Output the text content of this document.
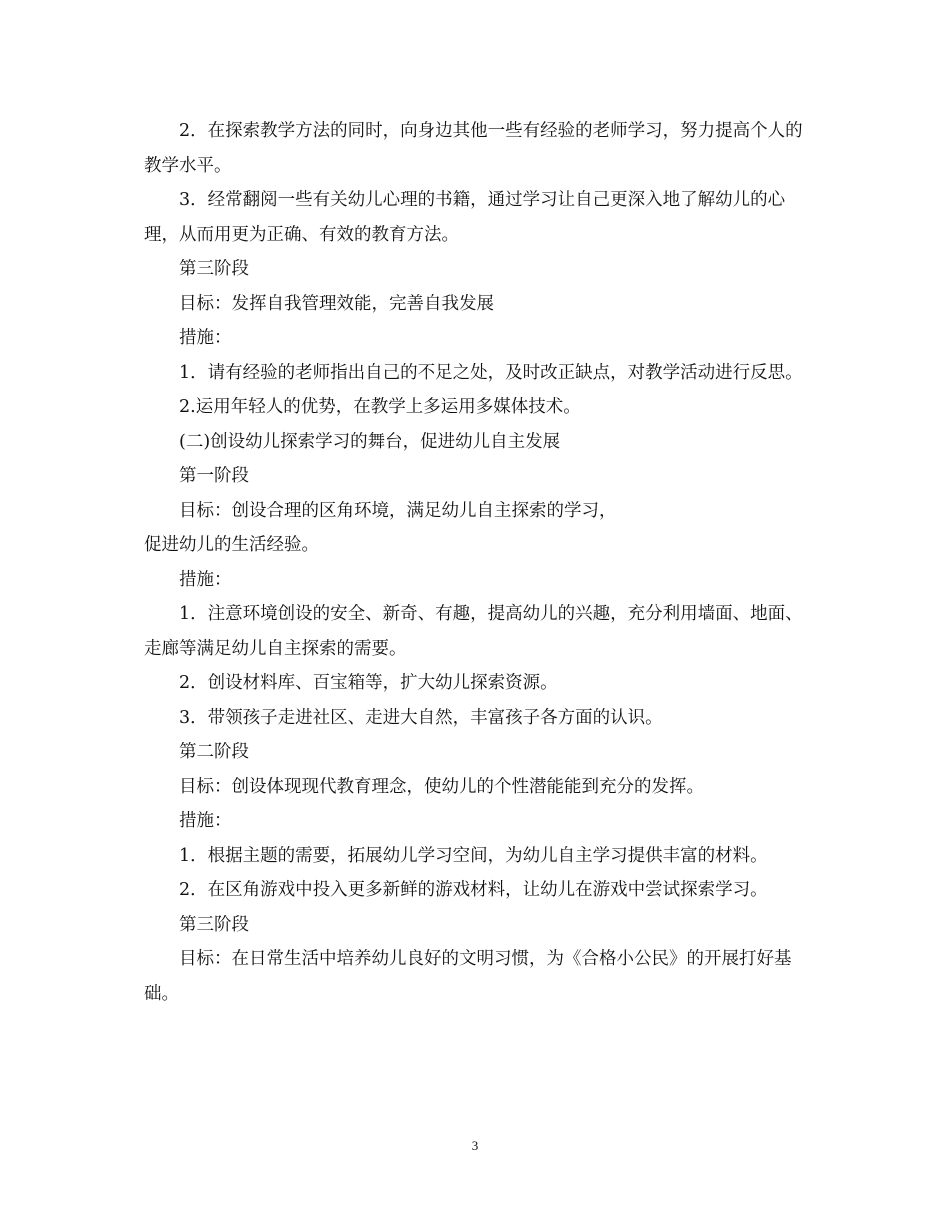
2．在探索教学方法的同时，向身边其他一些有经验的老师学习，努力提高个人的教学水平。

3．经常翻阅一些有关幼儿心理的书籍，通过学习让自己更深入地了解幼儿的心理，从而用更为正确、有效的教育方法。

第三阶段

目标：发挥自我管理效能，完善自我发展

措施：

1．请有经验的老师指出自己的不足之处，及时改正缺点，对教学活动进行反思。

2.运用年轻人的优势，在教学上多运用多媒体技术。

(二)创设幼儿探索学习的舞台，促进幼儿自主发展

第一阶段

目标：创设合理的区角环境，满足幼儿自主探索的学习，

促进幼儿的生活经验。

措施：

1．注意环境创设的安全、新奇、有趣，提高幼儿的兴趣，充分利用墙面、地面、走廊等满足幼儿自主探索的需要。

2．创设材料库、百宝箱等，扩大幼儿探索资源。

3．带领孩子走进社区、走进大自然，丰富孩子各方面的认识。

第二阶段

目标：创设体现现代教育理念，使幼儿的个性潜能能到充分的发挥。

措施：

1．根据主题的需要，拓展幼儿学习空间，为幼儿自主学习提供丰富的材料。

2．在区角游戏中投入更多新鲜的游戏材料，让幼儿在游戏中尝试探索学习。

第三阶段

目标：在日常生活中培养幼儿良好的文明习惯，为《合格小公民》的开展打好基础。

3
